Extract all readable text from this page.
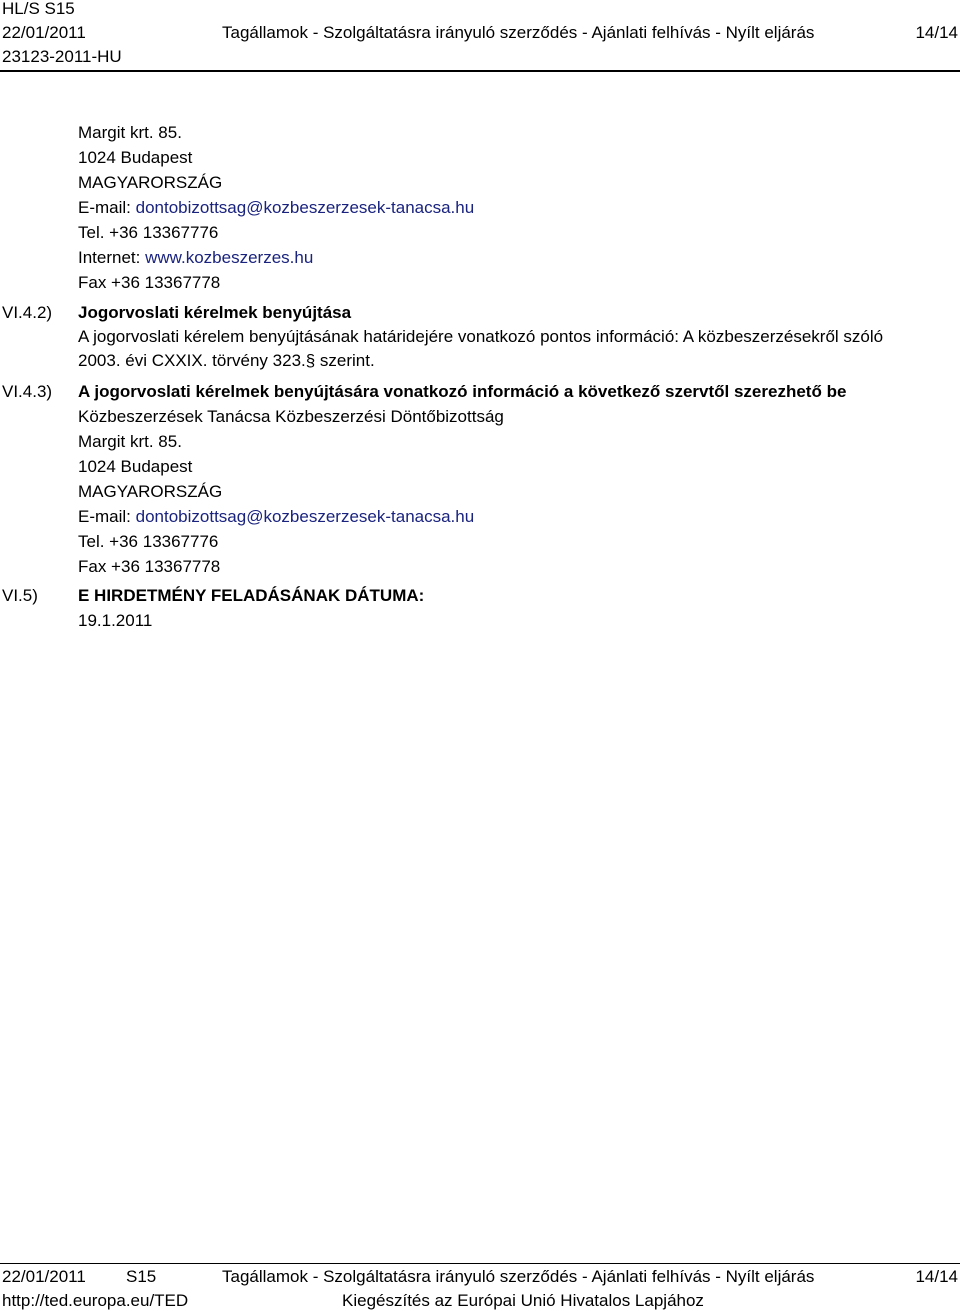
HL/S S15
22/01/2011	Tagállamok - Szolgáltatásra irányuló szerződés - Ajánlati felhívás - Nyílt eljárás	14/14
23123-2011-HU
Margit krt. 85.
1024 Budapest
MAGYARORSZÁG
E-mail: dontobizottsag@kozbeszerzesek-tanacsa.hu
Tel. +36 13367776
Internet: www.kozbeszerzes.hu
Fax +36 13367778
VI.4.2) Jogorvoslati kérelmek benyújtása
A jogorvoslati kérelem benyújtásának határidejére vonatkozó pontos információ: A közbeszerzésekről szóló
2003. évi CXXIX. törvény 323.§ szerint.
VI.4.3) A jogorvoslati kérelmek benyújtására vonatkozó információ a következő szervtől szerezhető be
Közbeszerzések Tanácsa Közbeszerzési Döntőbizottság
Margit krt. 85.
1024 Budapest
MAGYARORSZÁG
E-mail: dontobizottsag@kozbeszerzesek-tanacsa.hu
Tel. +36 13367776
Fax +36 13367778
VI.5) E HIRDETMÉNY FELADÁSÁNAK DÁTUMA:
19.1.2011
22/01/2011 S15	Tagállamok - Szolgáltatásra irányuló szerződés - Ajánlati felhívás - Nyílt eljárás	14/14
http://ted.europa.eu/TED	Kiegészítés az Európai Unió Hivatalos Lapjához
